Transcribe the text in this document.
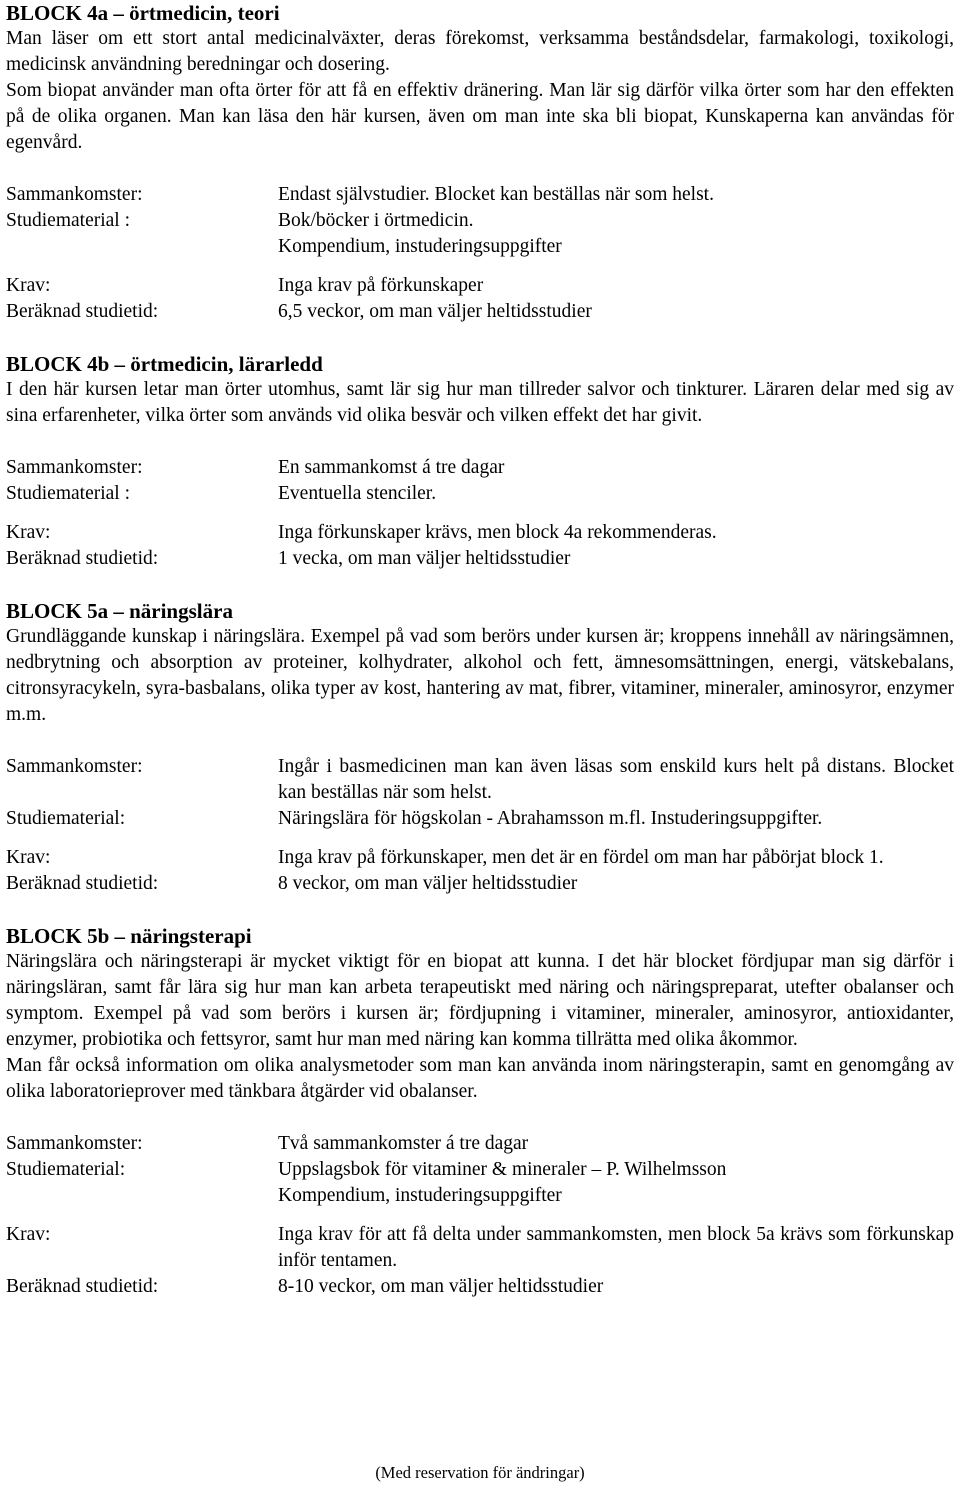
BLOCK 4a – örtmedicin, teori
Man läser om ett stort antal medicinalväxter, deras förekomst, verksamma beståndsdelar, farmakologi, toxikologi, medicinsk användning beredningar och dosering.
Som biopat använder man ofta örter för att få en effektiv dränering. Man lär sig därför vilka örter som har den effekten på de olika organen. Man kan läsa den här kursen, även om man inte ska bli biopat, Kunskaperna kan användas för egenvård.
Sammankomster:	Endast självstudier. Blocket kan beställas när som helst.
Studiematerial :	Bok/böcker i örtmedicin.
Kompendium, instuderingsuppgifter
Krav:	Inga krav på förkunskaper
Beräknad studietid:	6,5 veckor, om man väljer heltidsstudier
BLOCK 4b – örtmedicin, lärarledd
I den här kursen letar man örter utomhus, samt lär sig hur man tillreder salvor och tinkturer. Läraren delar med sig av sina erfarenheter, vilka örter som används vid olika besvär och vilken effekt det har givit.
Sammankomster:	En sammankomst á tre dagar
Studiematerial :	Eventuella stenciler.
Krav:	Inga förkunskaper krävs, men block 4a rekommenderas.
Beräknad studietid:	1 vecka, om man väljer heltidsstudier
BLOCK 5a – näringslära
Grundläggande kunskap i näringslära. Exempel på vad som berörs under kursen är; kroppens innehåll av näringsämnen, nedbrytning och absorption av proteiner, kolhydrater, alkohol och fett, ämnesomsättningen, energi, vätskebalans, citronsyracykeln, syra-basbalans, olika typer av kost, hantering av mat, fibrer, vitaminer, mineraler, aminosyror, enzymer m.m.
Sammankomster:	Ingår i basmedicinen man kan även läsas som enskild kurs helt på distans. Blocket kan beställas när som helst.
Studiematerial:	Näringslära för högskolan - Abrahamsson m.fl. Instuderingsuppgifter.
Krav:	Inga krav på förkunskaper, men det är en fördel om man har påbörjat block 1.
Beräknad studietid:	8 veckor, om man väljer heltidsstudier
BLOCK 5b – näringsterapi
Näringslära och näringsterapi är mycket viktigt för en biopat att kunna. I det här blocket fördjupar man sig därför i näringsläran, samt får lära sig hur man kan arbeta terapeutiskt med näring och näringspreparat, utefter obalanser och symptom. Exempel på vad som berörs i kursen är; fördjupning i vitaminer, mineraler, aminosyror, antioxidanter, enzymer, probiotika och fettsyror, samt hur man med näring kan komma tillrätta med olika åkommor.
Man får också information om olika analysmetoder som man kan använda inom näringsterapin, samt en genomgång av olika laboratorieprover med tänkbara åtgärder vid obalanser.
Sammankomster:	Två sammankomster á tre dagar
Studiematerial:	Uppslagsbok för vitaminer & mineraler – P. Wilhelmsson
Kompendium, instuderingsuppgifter
Krav:	Inga krav för att få delta under sammankomsten, men block 5a krävs som förkunskap inför tentamen.
Beräknad studietid:	8-10 veckor, om man väljer heltidsstudier
(Med reservation för ändringar)
